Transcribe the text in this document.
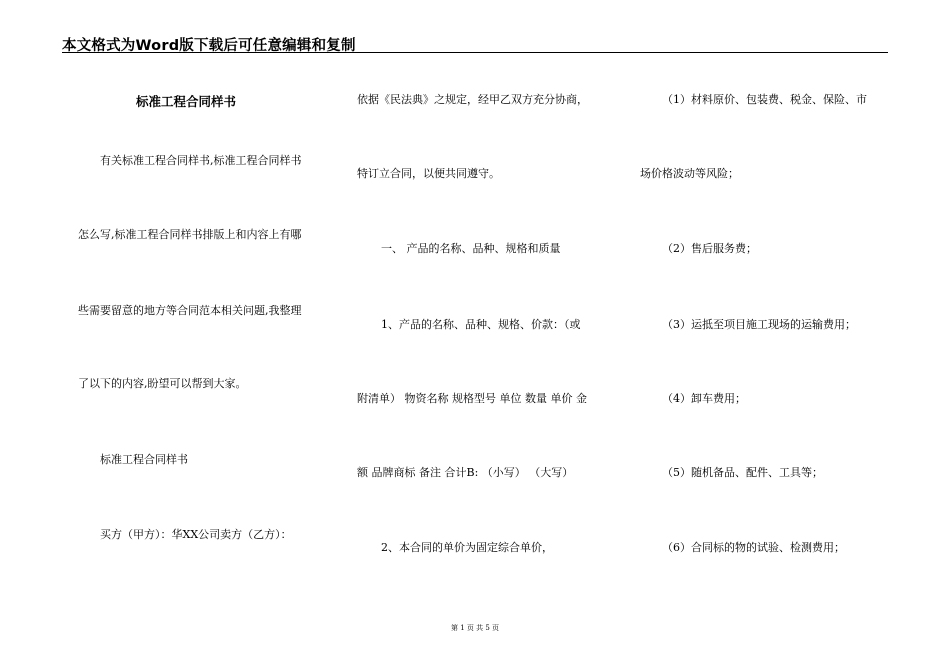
本文格式为Word版下载后可任意编辑和复制
标准工程合同样书
有关标准工程合同样书,标准工程合同样书
怎么写,标准工程合同样书排版上和内容上有哪
些需要留意的地方等合同范本相关问题,我整理
了以下的内容,盼望可以帮到大家。
标准工程合同样书
买方（甲方）：华XX公司卖方（乙方）：
依据《民法典》之规定，经甲乙双方充分协商，
特订立合同，以便共同遵守。
一、 产品的名称、品种、规格和质量
1、产品的名称、品种、规格、价款：（或
附清单） 物资名称 规格型号 单位 数量 单价 金
额 品牌商标 备注 合计B: （小写） （大写）
2、本合同的单价为固定综合单价，
（1）材料原价、包装费、税金、保险、市
场价格波动等风险；
（2）售后服务费；
（3）运抵至项目施工现场的运输费用；
（4）卸车费用；
（5）随机备品、配件、工具等；
（6）合同标的物的试验、检测费用；
第 1 页 共 5 页
